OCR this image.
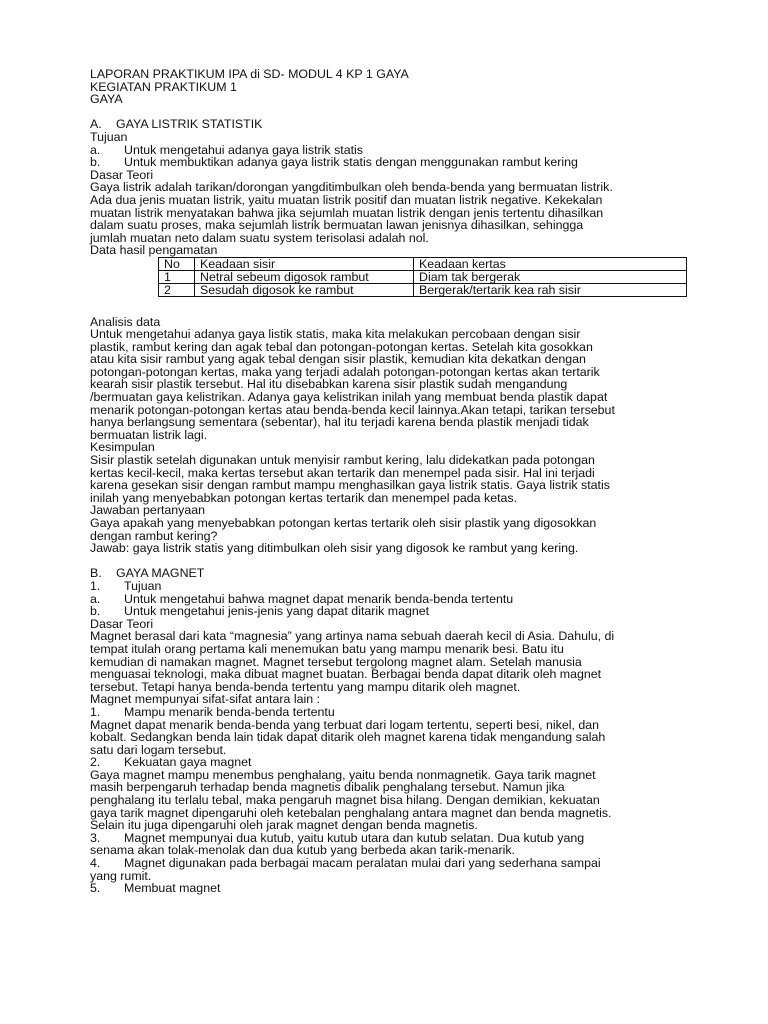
LAPORAN PRAKTIKUM IPA di SD- MODUL 4 KP 1 GAYA
KEGIATAN PRAKTIKUM 1
GAYA
A. GAYA LISTRIK STATISTIK
Tujuan
a. Untuk mengetahui adanya gaya listrik statis
b. Untuk membuktikan adanya gaya listrik statis dengan menggunakan rambut kering
Dasar Teori
Gaya listrik adalah tarikan/dorongan yangditimbulkan oleh benda-benda yang bermuatan listrik.
Ada dua jenis muatan listrik, yaitu muatan listrik positif dan muatan listrik negative. Kekekalan
muatan listrik menyatakan bahwa jika sejumlah muatan listrik dengan jenis tertentu dihasilkan
dalam suatu proses, maka sejumlah listrik bermuatan lawan jenisnya dihasilkan, sehingga
jumlah muatan neto dalam suatu system terisolasi adalah nol.
Data hasil pengamatan
No	Keadaan sisir	Keadaan kertas
1	Netral sebeum digosok rambut	Diam tak bergerak
2	Sesudah digosok ke rambut	Bergerak/tertarik kea rah sisir
Analisis data
Untuk mengetahui adanya gaya listik statis, maka kita melakukan percobaan dengan sisir
plastik, rambut kering dan agak tebal dan potongan-potongan kertas. Setelah kita gosokkan
atau kita sisir rambut yang agak tebal dengan sisir plastik, kemudian kita dekatkan dengan
potongan-potongan kertas, maka yang terjadi adalah potongan-potongan kertas akan tertarik
kearah sisir plastik tersebut. Hal itu disebabkan karena sisir plastik sudah mengandung
/bermuatan gaya kelistrikan. Adanya gaya kelistrikan inilah yang membuat benda plastik dapat
menarik potongan-potongan kertas atau benda-benda kecil lainnya.Akan tetapi, tarikan tersebut
hanya berlangsung sementara (sebentar), hal itu terjadi karena benda plastik menjadi tidak
bermuatan listrik lagi.
Kesimpulan
Sisir plastik setelah digunakan untuk menyisir rambut kering, lalu didekatkan pada potongan
kertas kecil-kecil, maka kertas tersebut akan tertarik dan menempel pada sisir. Hal ini terjadi
karena gesekan sisir dengan rambut mampu menghasilkan gaya listrik statis. Gaya listrik statis
inilah yang menyebabkan potongan kertas tertarik dan menempel pada ketas.
Jawaban pertanyaan
Gaya apakah yang menyebabkan potongan kertas tertarik oleh sisir plastik yang digosokkan
dengan rambut kering?
Jawab: gaya listrik statis yang ditimbulkan oleh sisir yang digosok ke rambut yang kering.
B. GAYA MAGNET
1. Tujuan
a. Untuk mengetahui bahwa magnet dapat menarik benda-benda tertentu
b. Untuk mengetahui jenis-jenis yang dapat ditarik magnet
Dasar Teori
Magnet berasal dari kata “magnesia” yang artinya nama sebuah daerah kecil di Asia. Dahulu, di
tempat itulah orang pertama kali menemukan batu yang mampu menarik besi. Batu itu
kemudian di namakan magnet. Magnet tersebut tergolong magnet alam. Setelah manusia
menguasai teknologi, maka dibuat magnet buatan. Berbagai benda dapat ditarik oleh magnet
tersebut. Tetapi hanya benda-benda tertentu yang mampu ditarik oleh magnet.
Magnet mempunyai sifat-sifat antara lain :
1. Mampu menarik benda-benda tertentu
Magnet dapat menarik benda-benda yang terbuat dari logam tertentu, seperti besi, nikel, dan
kobalt. Sedangkan benda lain tidak dapat ditarik oleh magnet karena tidak mengandung salah
satu dari logam tersebut.
2. Kekuatan gaya magnet
Gaya magnet mampu menembus penghalang, yaitu benda nonmagnetik. Gaya tarik magnet
masih berpengaruh terhadap benda magnetis dibalik penghalang tersebut. Namun jika
penghalang itu terlalu tebal, maka pengaruh magnet bisa hilang. Dengan demikian, kekuatan
gaya tarik magnet dipengaruhi oleh ketebalan penghalang antara magnet dan benda magnetis.
Selain itu juga dipengaruhi oleh jarak magnet dengan benda magnetis.
3. Magnet mempunyai dua kutub, yaitu kutub utara dan kutub selatan. Dua kutub yang
senama akan tolak-menolak dan dua kutub yang berbeda akan tarik-menarik.
4. Magnet digunakan pada berbagai macam peralatan mulai dari yang sederhana sampai
yang rumit.
5. Membuat magnet
